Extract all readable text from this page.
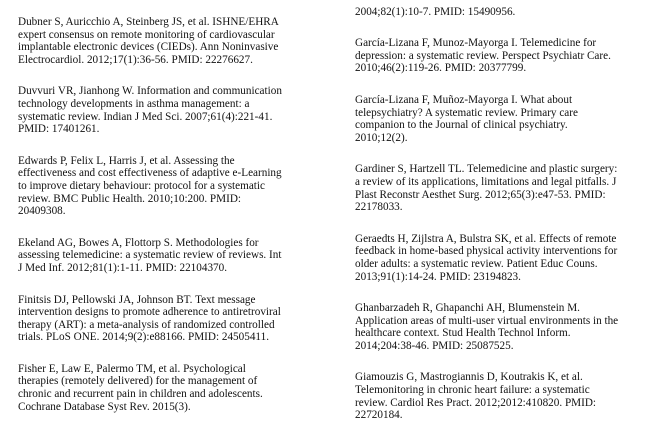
Dubner S, Auricchio A, Steinberg JS, et al. ISHNE/EHRA
expert consensus on remote monitoring of cardiovascular
implantable electronic devices (CIEDs). Ann Noninvasive
Electrocardiol. 2012;17(1):36-56. PMID: 22276627.
Duvvuri VR, Jianhong W. Information and communication
technology developments in asthma management: a
systematic review. Indian J Med Sci. 2007;61(4):221-41.
PMID: 17401261.
Edwards P, Felix L, Harris J, et al. Assessing the
effectiveness and cost effectiveness of adaptive e-Learning
to improve dietary behaviour: protocol for a systematic
review. BMC Public Health. 2010;10:200. PMID:
20409308.
Ekeland AG, Bowes A, Flottorp S. Methodologies for
assessing telemedicine: a systematic review of reviews. Int
J Med Inf. 2012;81(1):1-11. PMID: 22104370.
Finitsis DJ, Pellowski JA, Johnson BT. Text message
intervention designs to promote adherence to antiretroviral
therapy (ART): a meta-analysis of randomized controlled
trials. PLoS ONE. 2014;9(2):e88166. PMID: 24505411.
Fisher E, Law E, Palermo TM, et al. Psychological
therapies (remotely delivered) for the management of
chronic and recurrent pain in children and adolescents.
Cochrane Database Syst Rev. 2015(3).

2004;82(1):10-7. PMID: 15490956.
García-Lizana F, Munoz-Mayorga I. Telemedicine for
depression: a systematic review. Perspect Psychiatr Care.
2010;46(2):119-26. PMID: 20377799.
García-Lizana F, Muñoz-Mayorga I. What about
telepsychiatry? A systematic review. Primary care
companion to the Journal of clinical psychiatry.
2010;12(2).
Gardiner S, Hartzell TL. Telemedicine and plastic surgery:
a review of its applications, limitations and legal pitfalls. J
Plast Reconstr Aesthet Surg. 2012;65(3):e47-53. PMID:
22178033.
Geraedts H, Zijlstra A, Bulstra SK, et al. Effects of remote
feedback in home-based physical activity interventions for
older adults: a systematic review. Patient Educ Couns.
2013;91(1):14-24. PMID: 23194823.
Ghanbarzadeh R, Ghapanchi AH, Blumenstein M.
Application areas of multi-user virtual environments in the
healthcare context. Stud Health Technol Inform.
2014;204:38-46. PMID: 25087525.
Giamouzis G, Mastrogiannis D, Koutrakis K, et al.
Telemonitoring in chronic heart failure: a systematic
review. Cardiol Res Pract. 2012;2012:410820. PMID:
22720184.
